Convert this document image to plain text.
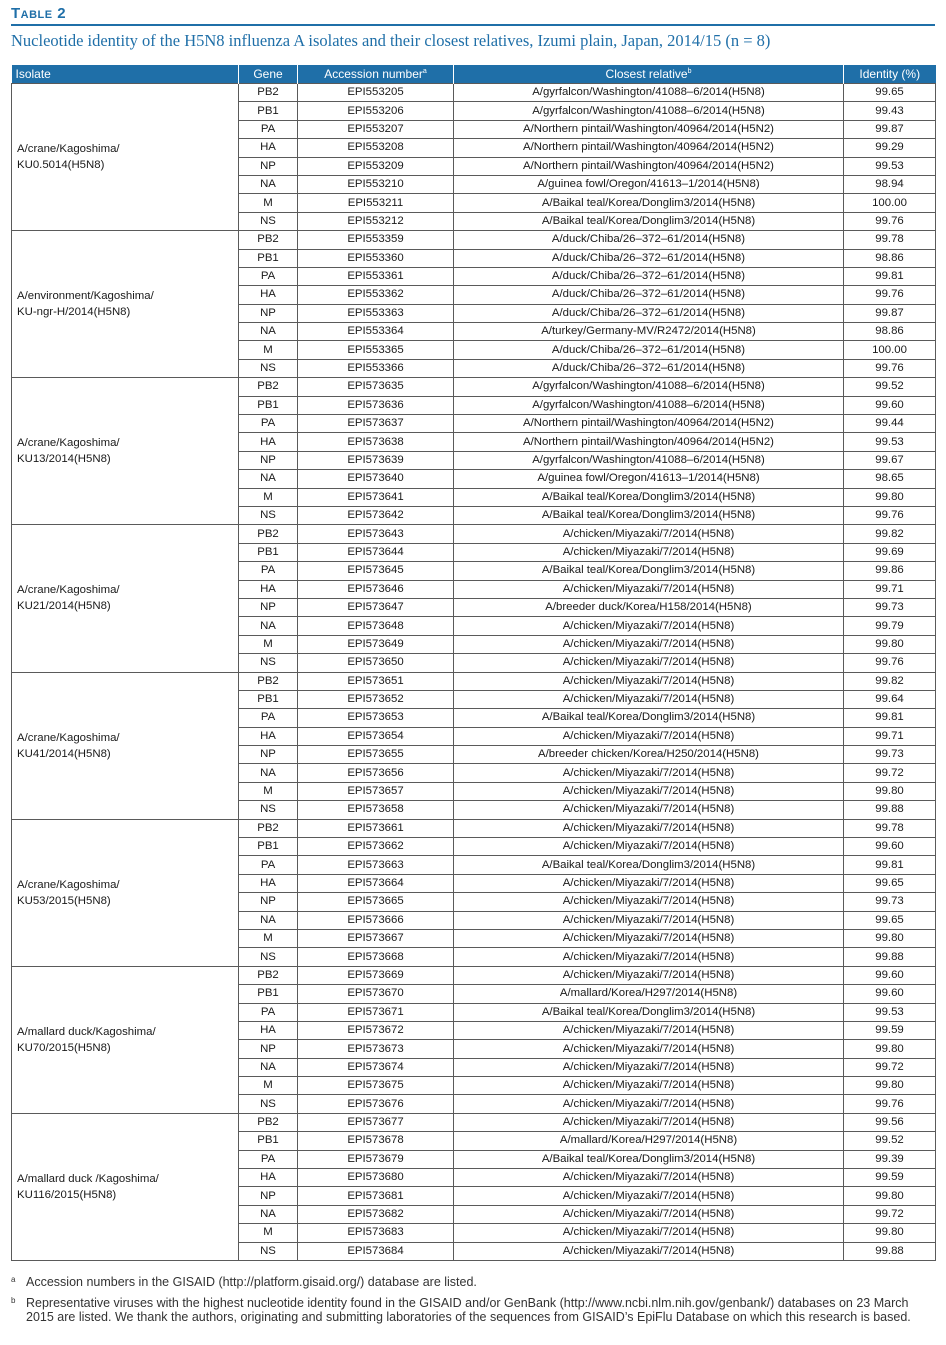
Table 2
Nucleotide identity of the H5N8 influenza A isolates and their closest relatives, Izumi plain, Japan, 2014/15 (n = 8)
Isolate	Gene	Accession number$^a$	Closest relative$^b$	Identity (%)

A/crane/Kagoshima/
KU0.5014(H5N8)	PB2	EPI553205	A/gyrfalcon/Washington/41088–6/2014(H5N8)	99.65
	PB1	EPI553206	A/gyrfalcon/Washington/41088–6/2014(H5N8)	99.43
	PA	EPI553207	A/Northern pintail/Washington/40964/2014(H5N2)	99.87
	HA	EPI553208	A/Northern pintail/Washington/40964/2014(H5N2)	99.29
	NP	EPI553209	A/Northern pintail/Washington/40964/2014(H5N2)	99.53
	NA	EPI553210	A/guinea fowl/Oregon/41613–1/2014(H5N8)	98.94
	M	EPI553211	A/Baikal teal/Korea/Donglim3/2014(H5N8)	100.00
	NS	EPI553212	A/Baikal teal/Korea/Donglim3/2014(H5N8)	99.76

A/environment/Kagoshima/
KU-ngr-H/2014(H5N8)	PB2	EPI553359	A/duck/Chiba/26–372–61/2014(H5N8)	99.78
	PB1	EPI553360	A/duck/Chiba/26–372–61/2014(H5N8)	98.86
	PA	EPI553361	A/duck/Chiba/26–372–61/2014(H5N8)	99.81
	HA	EPI553362	A/duck/Chiba/26–372–61/2014(H5N8)	99.76
	NP	EPI553363	A/duck/Chiba/26–372–61/2014(H5N8)	99.87
	NA	EPI553364	A/turkey/Germany-MV/R2472/2014(H5N8)	98.86
	M	EPI553365	A/duck/Chiba/26–372–61/2014(H5N8)	100.00
	NS	EPI553366	A/duck/Chiba/26–372–61/2014(H5N8)	99.76

A/crane/Kagoshima/
KU13/2014(H5N8)	PB2	EPI573635	A/gyrfalcon/Washington/41088–6/2014(H5N8)	99.52
	PB1	EPI573636	A/gyrfalcon/Washington/41088–6/2014(H5N8)	99.60
	PA	EPI573637	A/Northern pintail/Washington/40964/2014(H5N2)	99.44
	HA	EPI573638	A/Northern pintail/Washington/40964/2014(H5N2)	99.53
	NP	EPI573639	A/gyrfalcon/Washington/41088–6/2014(H5N8)	99.67
	NA	EPI573640	A/guinea fowl/Oregon/41613–1/2014(H5N8)	98.65
	M	EPI573641	A/Baikal teal/Korea/Donglim3/2014(H5N8)	99.80
	NS	EPI573642	A/Baikal teal/Korea/Donglim3/2014(H5N8)	99.76

A/crane/Kagoshima/
KU21/2014(H5N8)	PB2	EPI573643	A/chicken/Miyazaki/7/2014(H5N8)	99.82
	PB1	EPI573644	A/chicken/Miyazaki/7/2014(H5N8)	99.69
	PA	EPI573645	A/Baikal teal/Korea/Donglim3/2014(H5N8)	99.86
	HA	EPI573646	A/chicken/Miyazaki/7/2014(H5N8)	99.71
	NP	EPI573647	A/breeder duck/Korea/H158/2014(H5N8)	99.73
	NA	EPI573648	A/chicken/Miyazaki/7/2014(H5N8)	99.79
	M	EPI573649	A/chicken/Miyazaki/7/2014(H5N8)	99.80
	NS	EPI573650	A/chicken/Miyazaki/7/2014(H5N8)	99.76

A/crane/Kagoshima/
KU41/2014(H5N8)	PB2	EPI573651	A/chicken/Miyazaki/7/2014(H5N8)	99.82
	PB1	EPI573652	A/chicken/Miyazaki/7/2014(H5N8)	99.64
	PA	EPI573653	A/Baikal teal/Korea/Donglim3/2014(H5N8)	99.81
	HA	EPI573654	A/chicken/Miyazaki/7/2014(H5N8)	99.71
	NP	EPI573655	A/breeder chicken/Korea/H250/2014(H5N8)	99.73
	NA	EPI573656	A/chicken/Miyazaki/7/2014(H5N8)	99.72
	M	EPI573657	A/chicken/Miyazaki/7/2014(H5N8)	99.80
	NS	EPI573658	A/chicken/Miyazaki/7/2014(H5N8)	99.88

A/crane/Kagoshima/
KU53/2015(H5N8)	PB2	EPI573661	A/chicken/Miyazaki/7/2014(H5N8)	99.78
	PB1	EPI573662	A/chicken/Miyazaki/7/2014(H5N8)	99.60
	PA	EPI573663	A/Baikal teal/Korea/Donglim3/2014(H5N8)	99.81
	HA	EPI573664	A/chicken/Miyazaki/7/2014(H5N8)	99.65
	NP	EPI573665	A/chicken/Miyazaki/7/2014(H5N8)	99.73
	NA	EPI573666	A/chicken/Miyazaki/7/2014(H5N8)	99.65
	M	EPI573667	A/chicken/Miyazaki/7/2014(H5N8)	99.80
	NS	EPI573668	A/chicken/Miyazaki/7/2014(H5N8)	99.88

A/mallard duck/Kagoshima/
KU70/2015(H5N8)	PB2	EPI573669	A/chicken/Miyazaki/7/2014(H5N8)	99.60
	PB1	EPI573670	A/mallard/Korea/H297/2014(H5N8)	99.60
	PA	EPI573671	A/Baikal teal/Korea/Donglim3/2014(H5N8)	99.53
	HA	EPI573672	A/chicken/Miyazaki/7/2014(H5N8)	99.59
	NP	EPI573673	A/chicken/Miyazaki/7/2014(H5N8)	99.80
	NA	EPI573674	A/chicken/Miyazaki/7/2014(H5N8)	99.72
	M	EPI573675	A/chicken/Miyazaki/7/2014(H5N8)	99.80
	NS	EPI573676	A/chicken/Miyazaki/7/2014(H5N8)	99.76

A/mallard duck /Kagoshima/
KU116/2015(H5N8)	PB2	EPI573677	A/chicken/Miyazaki/7/2014(H5N8)	99.56
	PB1	EPI573678	A/mallard/Korea/H297/2014(H5N8)	99.52
	PA	EPI573679	A/Baikal teal/Korea/Donglim3/2014(H5N8)	99.39
	HA	EPI573680	A/chicken/Miyazaki/7/2014(H5N8)	99.59
	NP	EPI573681	A/chicken/Miyazaki/7/2014(H5N8)	99.80
	NA	EPI573682	A/chicken/Miyazaki/7/2014(H5N8)	99.72
	M	EPI573683	A/chicken/Miyazaki/7/2014(H5N8)	99.80
	NS	EPI573684	A/chicken/Miyazaki/7/2014(H5N8)	99.88
a Accession numbers in the GISAID (http://platform.gisaid.org/) database are listed.
b Representative viruses with the highest nucleotide identity found in the GISAID and/or GenBank (http://www.ncbi.nlm.nih.gov/genbank/) databases on 23 March 2015 are listed. We thank the authors, originating and submitting laboratories of the sequences from GISAID’s EpiFlu Database on which this research is based.
